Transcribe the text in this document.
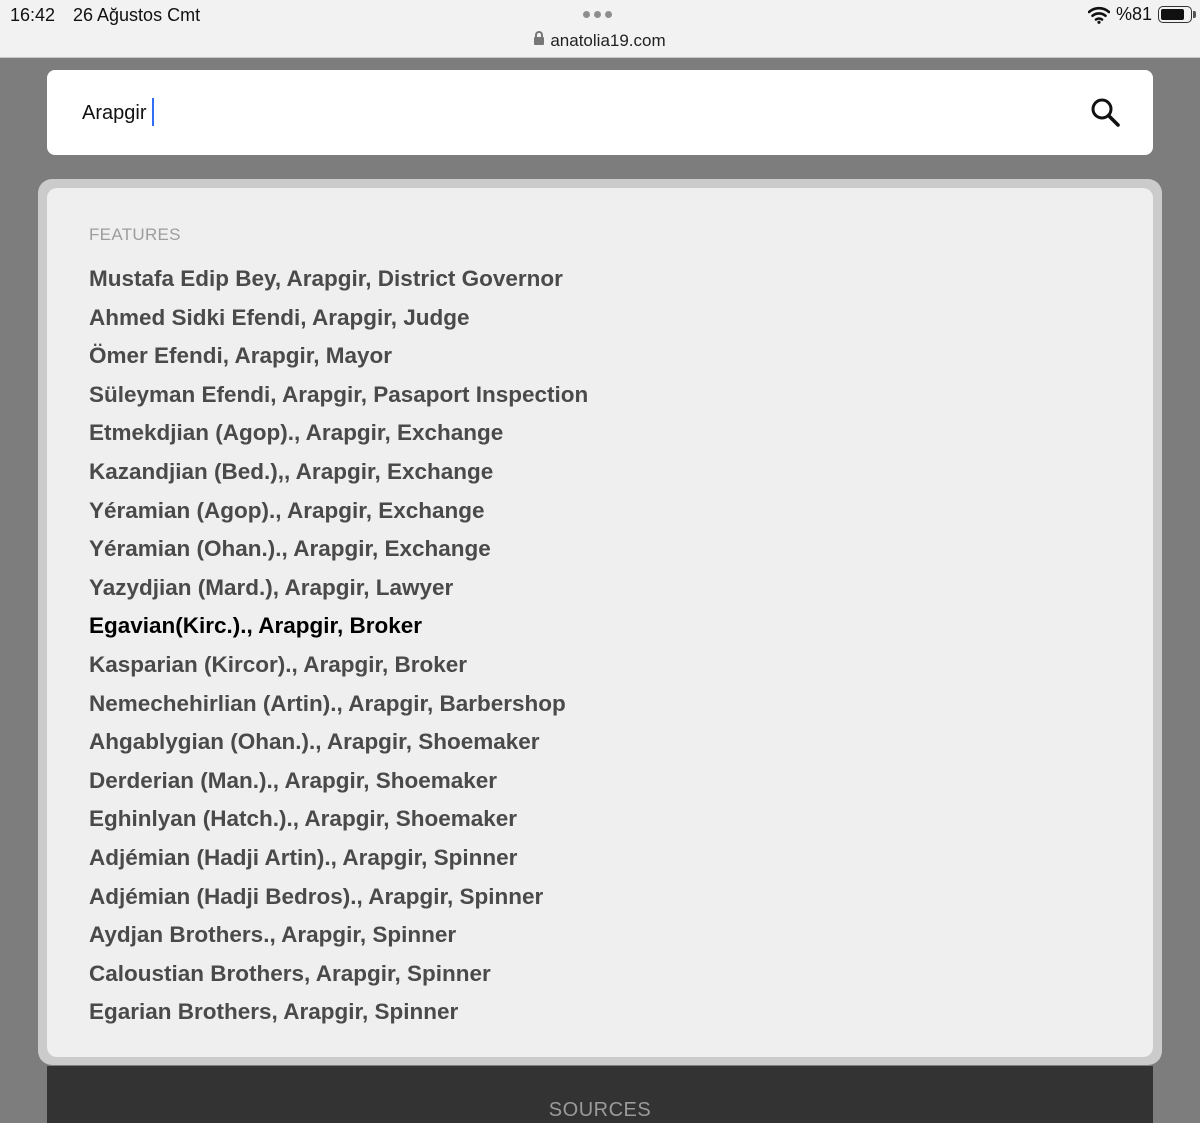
16:42 26 Ağustos Cmt
anatolia19.com
%81
Arapgir
FEATURES
Mustafa Edip Bey, Arapgir, District Governor
Ahmed Sidki Efendi, Arapgir, Judge
Ömer Efendi, Arapgir, Mayor
Süleyman Efendi, Arapgir, Pasaport Inspection
Etmekdjian (Agop)., Arapgir, Exchange
Kazandjian (Bed.),, Arapgir, Exchange
Yéramian (Agop)., Arapgir, Exchange
Yéramian (Ohan.)., Arapgir, Exchange
Yazydjian (Mard.), Arapgir, Lawyer
Egavian(Kirc.)., Arapgir, Broker
Kasparian (Kircor)., Arapgir, Broker
Nemechehirlian (Artin)., Arapgir, Barbershop
Ahgablygian (Ohan.)., Arapgir, Shoemaker
Derderian (Man.)., Arapgir, Shoemaker
Eghinlyan (Hatch.)., Arapgir, Shoemaker
Adjémian (Hadji Artin)., Arapgir, Spinner
Adjémian (Hadji Bedros)., Arapgir, Spinner
Aydjan Brothers., Arapgir, Spinner
Caloustian Brothers, Arapgir, Spinner
Egarian Brothers, Arapgir, Spinner
SOURCES
